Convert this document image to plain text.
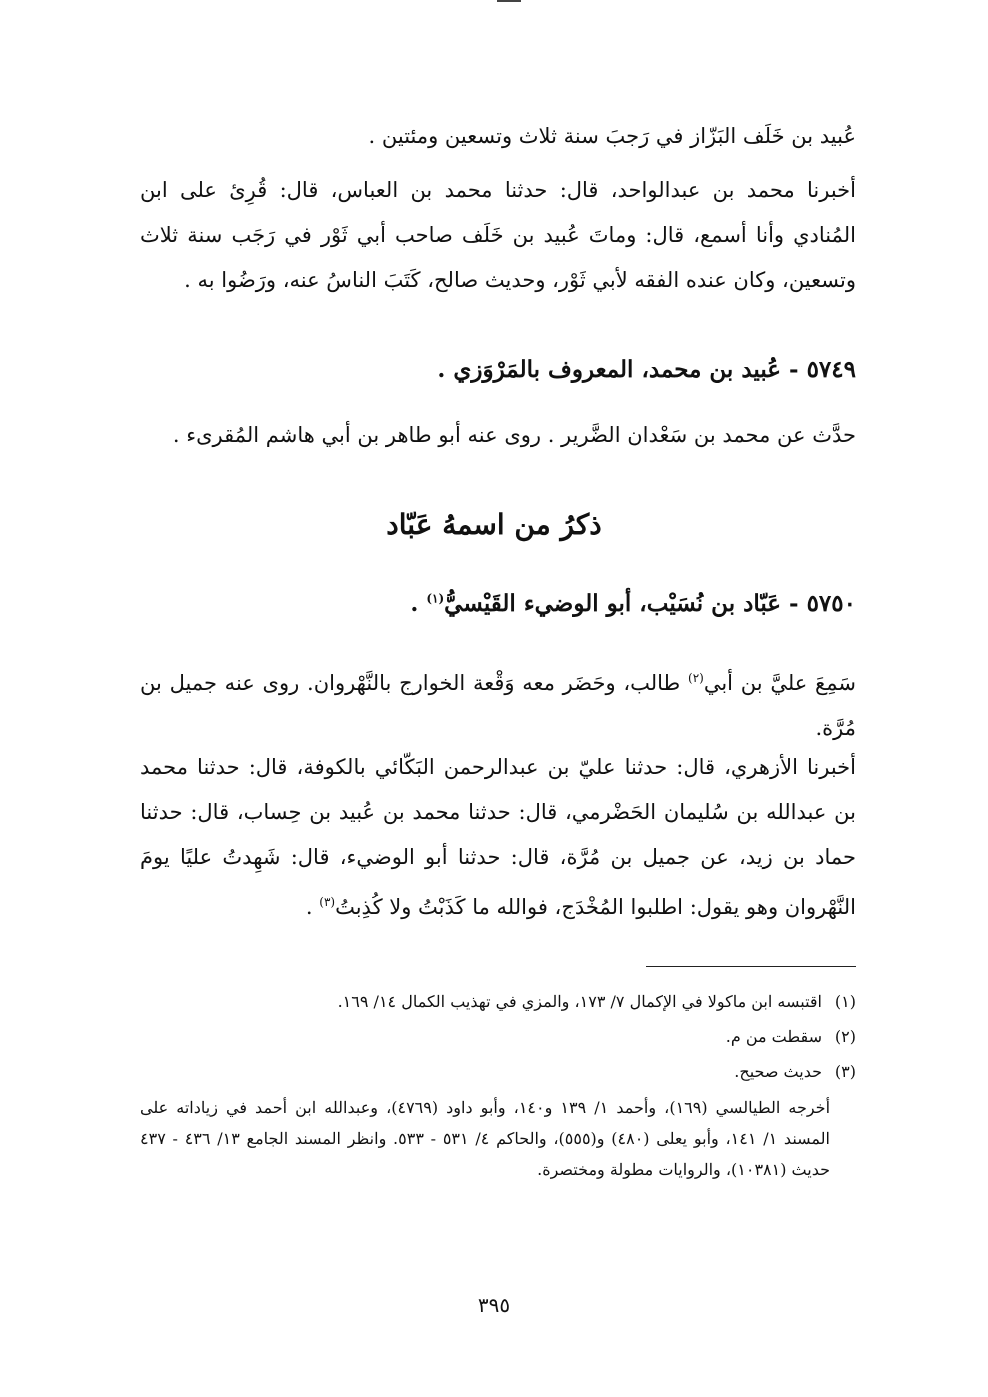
عُبيد بن خَلَف البَزّاز في رَجبَ سنة ثلاث وتسعين ومئتين .
أخبرنا محمد بن عبدالواحد، قال: حدثنا محمد بن العباس، قال: قُرِئ على ابن المُنادي وأنا أسمع، قال: وماتَ عُبيد بن خَلَف صاحب أبي ثَوْر في رَجَب سنة ثلاث وتسعين، وكان عنده الفقه لأبي ثَوْر، وحديث صالح، كَتَبَ الناسُ عنه، ورَضُوا به .
٥٧٤٩ - عُبيد بن محمد، المعروف بالمَرْوَزي .
حدَّث عن محمد بن سَعْدان الضَّرير . روى عنه أبو طاهر بن أبي هاشم المُقرىء .
ذكرُ من اسمهُ عَبّاد
٥٧٥٠ - عَبّاد بن نُسَيْب، أبو الوضيء القَيْسيُّ$^{(١)}$ .
سَمِعَ عليَّ بن أبي$^{(٢)}$ طالب، وحَضَر معه وَقْعة الخوارج بالنَّهْروان. روى عنه جميل بن مُرَّة.
أخبرنا الأزهري، قال: حدثنا عليّ بن عبدالرحمن البَكّائي بالكوفة، قال: حدثنا محمد بن عبدالله بن سُليمان الحَضْرمي، قال: حدثنا محمد بن عُبيد بن حِساب، قال: حدثنا حماد بن زيد، عن جميل بن مُرَّة، قال: حدثنا أبو الوضيء، قال: شَهِدتُ عليًا يومَ النَّهْروان وهو يقول: اطلبوا المُخْدَج، فوالله ما كَذَبْتُ ولا كُذِبتُ$^{(٣)}$ .
(١)
اقتبسه ابن ماكولا في الإكمال ٧/ ١٧٣، والمزي في تهذيب الكمال ١٤/ ١٦٩.
(٢)
سقطت من م.
(٣)
حديث صحيح.
أخرجه الطيالسي (١٦٩)، وأحمد ١/ ١٣٩ و١٤٠، وأبو داود (٤٧٦٩)، وعبدالله ابن أحمد في زياداته على المسند ١/ ١٤١، وأبو يعلى (٤٨٠) و(٥٥٥)، والحاكم ٤/ ٥٣١ - ٥٣٣. وانظر المسند الجامع ١٣/ ٤٣٦ - ٤٣٧ حديث (١٠٣٨١)، والروايات مطولة ومختصرة.
٣٩٥
